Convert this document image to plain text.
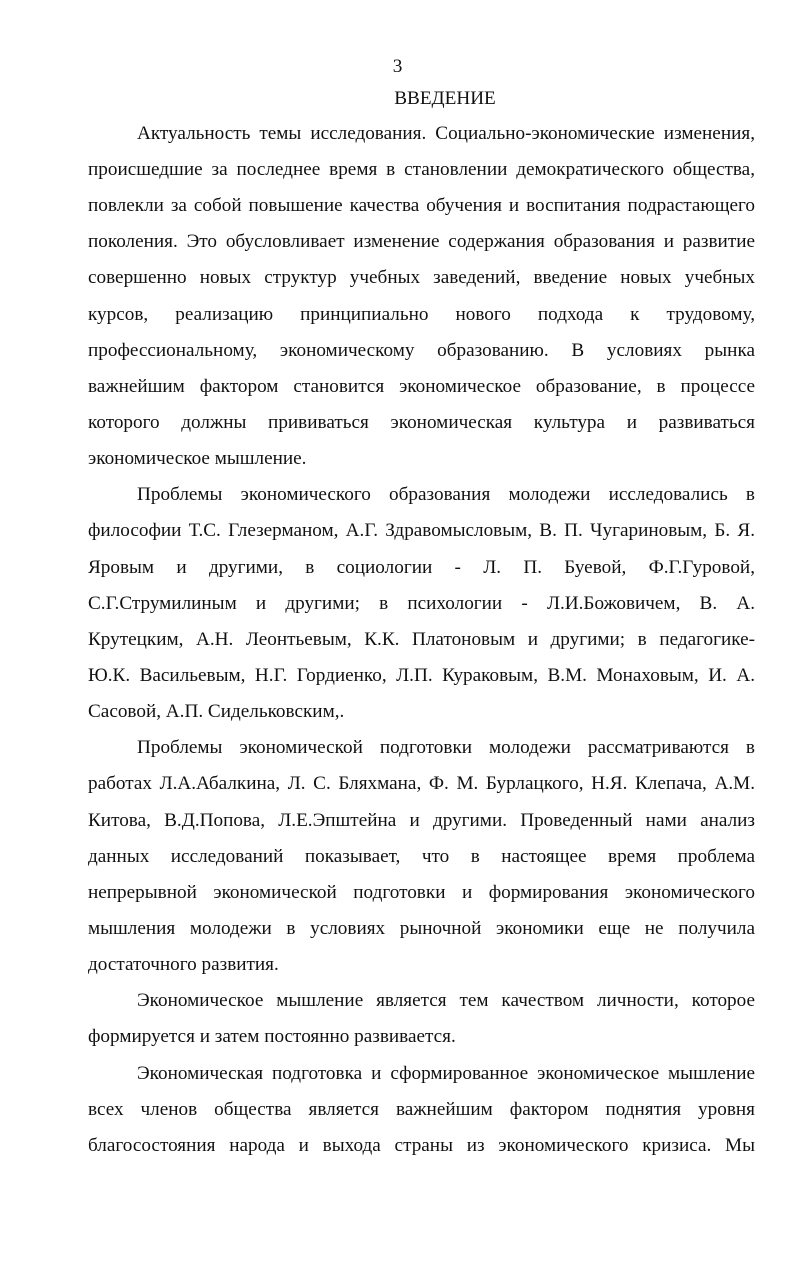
3
ВВЕДЕНИЕ
Актуальность темы исследования. Социально-экономические изменения,
происшедшие за последнее время в становлении демократического общества,
повлекли за собой повышение качества обучения и воспитания подрастающего
поколения. Это обусловливает изменение содержания образования и развитие
совершенно новых структур учебных заведений, введение новых учебных
курсов, реализацию принципиально нового подхода к трудовому,
профессиональному, экономическому образованию. В условиях рынка
важнейшим фактором становится экономическое образование, в процессе
которого должны прививаться экономическая культура и развиваться
экономическое мышление.
Проблемы экономического образования молодежи исследовались в
философии Т.С. Глезерманом, А.Г. Здравомысловым, В. П. Чугариновым, Б. Я.
Яровым и другими, в социологии - Л. П. Буевой, Ф.Г.Гуровой,
С.Г.Струмилиным и другими; в психологии - Л.И.Божовичем, В. А.
Крутецким, А.Н. Леонтьевым, К.К. Платоновым и другими; в педагогике-
Ю.К. Васильевым, Н.Г. Гордиенко, Л.П. Кураковым, В.М. Монаховым, И. А.
Сасовой, А.П. Сидельковским,.
Проблемы экономической подготовки молодежи рассматриваются в
работах Л.А.Абалкина, Л. С. Бляхмана, Ф. М. Бурлацкого, Н.Я. Клепача, А.М.
Китова, В.Д.Попова, Л.Е.Эпштейна и другими. Проведенный нами анализ
данных исследований показывает, что в настоящее время проблема
непрерывной экономической подготовки и формирования экономического
мышления молодежи в условиях рыночной экономики еще не получила
достаточного развития.
Экономическое мышление является тем качеством личности, которое
формируется и затем постоянно развивается.
Экономическая подготовка и сформированное экономическое мышление
всех членов общества является важнейшим фактором поднятия уровня
благосостояния народа и выхода страны из экономического кризиса. Мы
